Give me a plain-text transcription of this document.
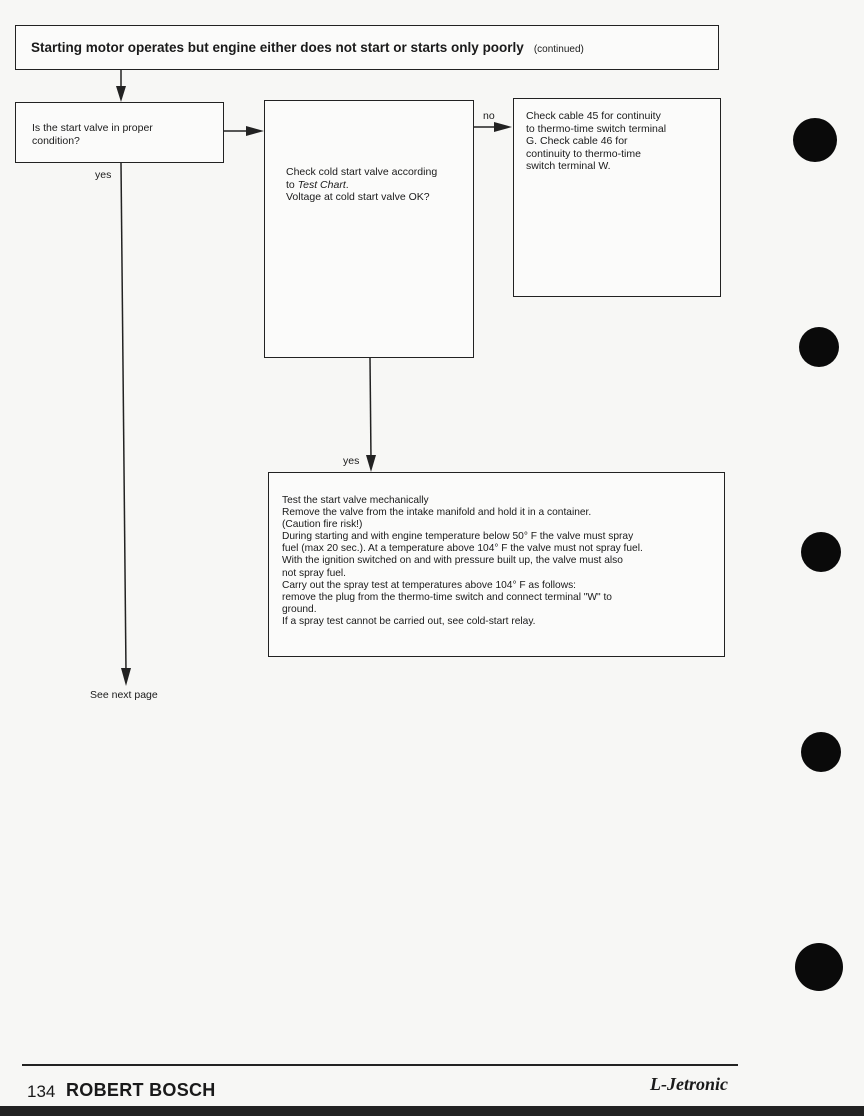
Starting motor operates but engine either does not start or starts only poorly (continued)
Is the start valve in proper
condition?
Check cold start valve according
to Test Chart.
Voltage at cold start valve OK?
Check cable 45 for continuity
to thermo-time switch terminal
G. Check cable 46 for
continuity to thermo-time
switch terminal W.
Test the start valve mechanically
Remove the valve from the intake manifold and hold it in a container.
(Caution fire risk!)
During starting and with engine temperature below 50° F the valve must spray
fuel (max 20 sec.). At a temperature above 104° F the valve must not spray fuel.
With the ignition switched on and with pressure built up, the valve must also
not spray fuel.
Carry out the spray test at temperatures above 104° F as follows:
remove the plug from the thermo-time switch and connect terminal "W" to
ground.
If a spray test cannot be carried out, see cold-start relay.
yes
no
yes
See next page
134 ROBERT BOSCH	L-Jetronic
